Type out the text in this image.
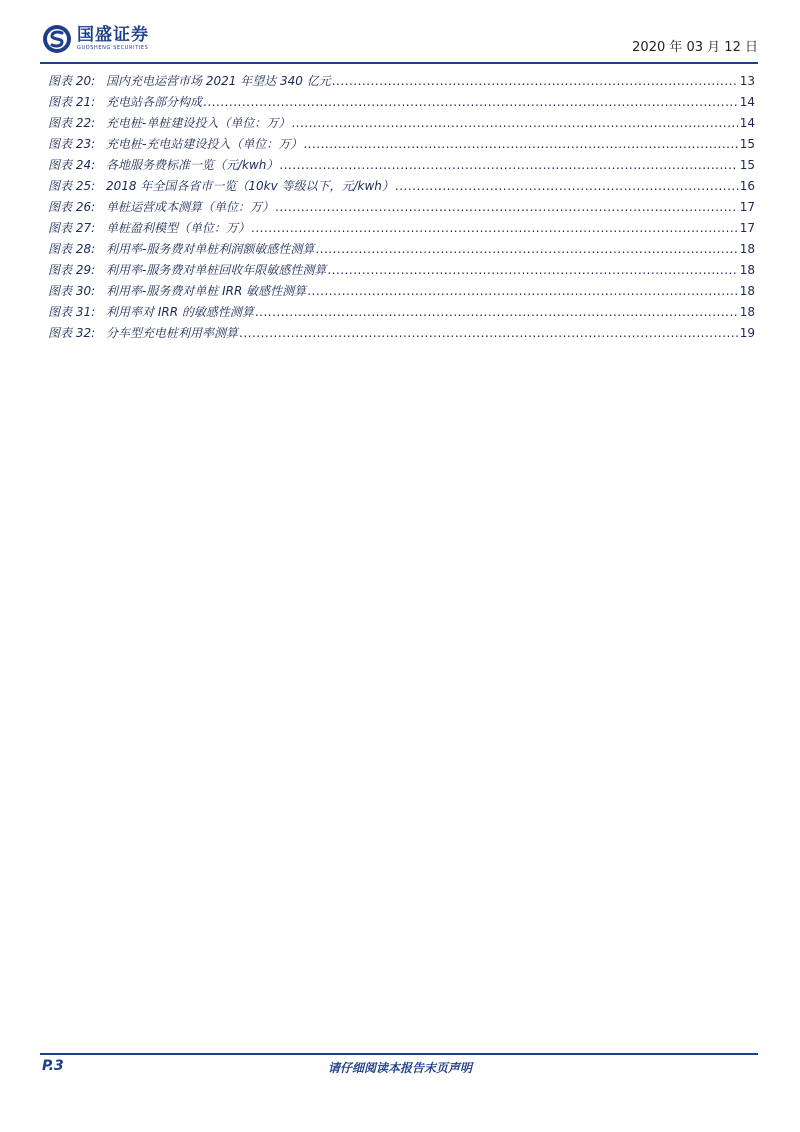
国盛证券
GUOSHENG SECURITIES	2020 年 03 月 12 日
图表 20: 国内充电运营市场 2021 年望达 340 亿元 .....	13
图表 21: 充电站各部分构成 .....	14
图表 22: 充电桩-单桩建设投入（单位：万） .....	14
图表 23: 充电桩-充电站建设投入（单位：万） .....	15
图表 24: 各地服务费标准一览（元/kwh） .....	15
图表 25: 2018 年全国各省市一览（10kv 等级以下，元/kwh） .....	16
图表 26: 单桩运营成本测算（单位：万） .....	17
图表 27: 单桩盈利模型（单位：万） .....	17
图表 28: 利用率-服务费对单桩利润额敏感性测算 .....	18
图表 29: 利用率-服务费对单桩回收年限敏感性测算 .....	18
图表 30: 利用率-服务费对单桩 IRR 敏感性测算 .....	18
图表 31: 利用率对 IRR 的敏感性测算 .....	18
图表 32: 分车型充电桩利用率测算 .....	19
P.3	请仔细阅读本报告末页声明
